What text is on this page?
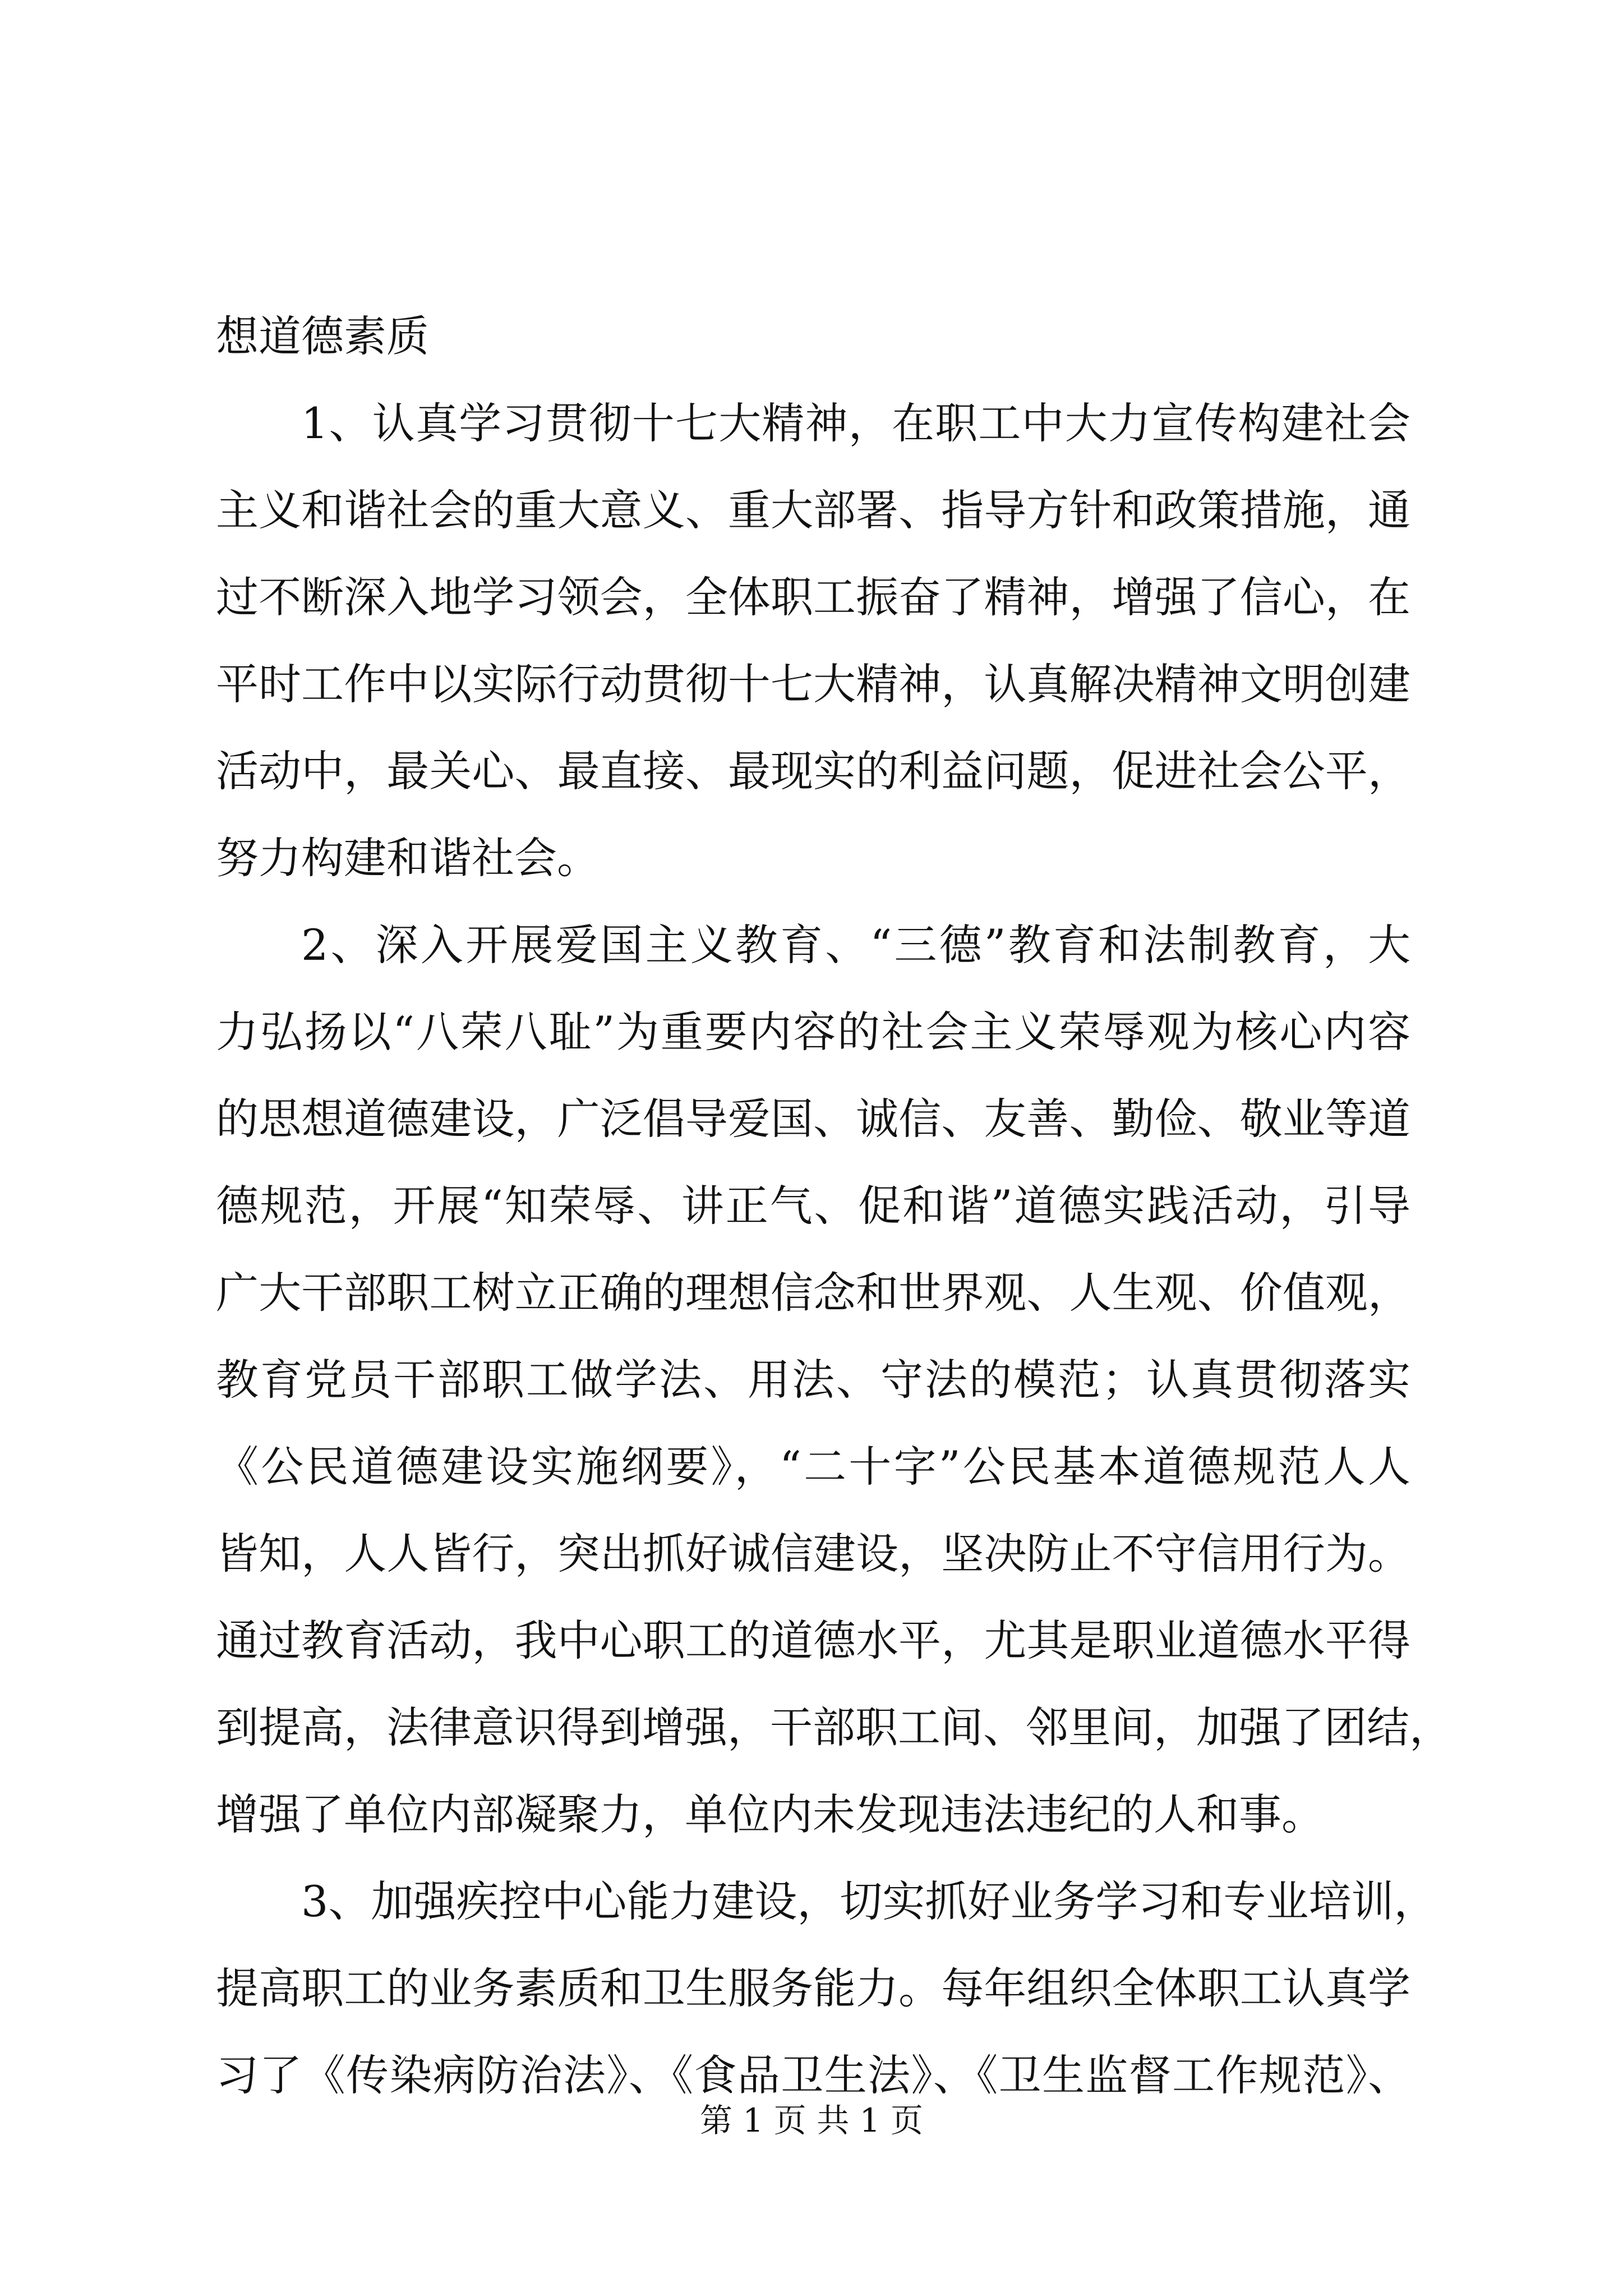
想道德素质
1、认真学习贯彻十七大精神，在职工中大力宣传构建社会
主义和谐社会的重大意义、重大部署、指导方针和政策措施，通
过不断深入地学习领会，全体职工振奋了精神，增强了信心，在
平时工作中以实际行动贯彻十七大精神，认真解决精神文明创建
活动中，最关心、最直接、最现实的利益问题，促进社会公平，
努力构建和谐社会。
2、深入开展爱国主义教育、“三德”教育和法制教育，大
力弘扬以“八荣八耻”为重要内容的社会主义荣辱观为核心内容
的思想道德建设，广泛倡导爱国、诚信、友善、勤俭、敬业等道
德规范，开展“知荣辱、讲正气、促和谐”道德实践活动，引导
广大干部职工树立正确的理想信念和世界观、人生观、价值观，
教育党员干部职工做学法、用法、守法的模范；认真贯彻落实
《公民道德建设实施纲要》，“二十字”公民基本道德规范人人
皆知，人人皆行，突出抓好诚信建设，坚决防止不守信用行为。
通过教育活动，我中心职工的道德水平，尤其是职业道德水平得
到提高，法律意识得到增强，干部职工间、邻里间，加强了团结，
增强了单位内部凝聚力，单位内未发现违法违纪的人和事。
3、加强疾控中心能力建设，切实抓好业务学习和专业培训，
提高职工的业务素质和卫生服务能力。每年组织全体职工认真学
习了《传染病防治法》、《食品卫生法》、《卫生监督工作规范》、
第 1 页 共 1 页
